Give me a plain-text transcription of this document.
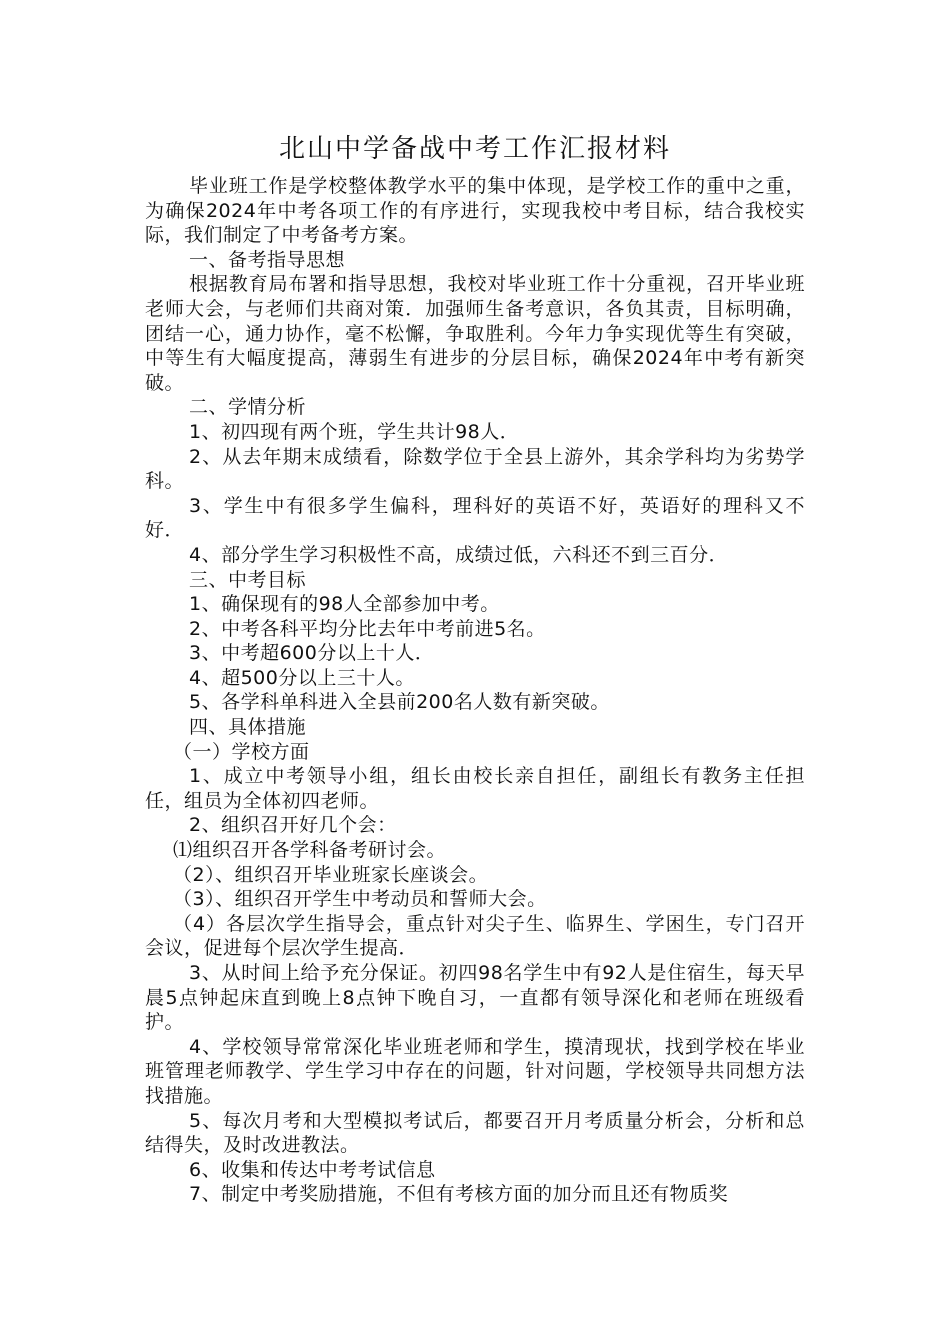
北山中学备战中考工作汇报材料

毕业班工作是学校整体教学水平的集中体现，是学校工作的重中之重，为确保2024年中考各项工作的有序进行，实现我校中考目标，结合我校实际，我们制定了中考备考方案。

一、备考指导思想

根据教育局布署和指导思想，我校对毕业班工作十分重视，召开毕业班老师大会，与老师们共商对策．加强师生备考意识，各负其责，目标明确，团结一心，通力协作，毫不松懈，争取胜利。今年力争实现优等生有突破，中等生有大幅度提高，薄弱生有进步的分层目标，确保2024年中考有新突破。

二、学情分析

1、初四现有两个班，学生共计98人．

2、从去年期末成绩看，除数学位于全县上游外，其余学科均为劣势学科。

3、学生中有很多学生偏科，理科好的英语不好，英语好的理科又不好．

4、部分学生学习积极性不高，成绩过低，六科还不到三百分．

三、中考目标

1、确保现有的98人全部参加中考。

2、中考各科平均分比去年中考前进5名。

3、中考超600分以上十人．

4、超500分以上三十人。

5、各学科单科进入全县前200名人数有新突破。

四、具体措施

（一）学校方面

1、成立中考领导小组，组长由校长亲自担任，副组长有教务主任担任，组员为全体初四老师。

2、组织召开好几个会：

⑴组织召开各学科备考研讨会。

（2）、组织召开毕业班家长座谈会。

（3）、组织召开学生中考动员和誓师大会。

（4）各层次学生指导会，重点针对尖子生、临界生、学困生，专门召开会议，促进每个层次学生提高．

3、从时间上给予充分保证。初四98名学生中有92人是住宿生，每天早晨5点钟起床直到晚上8点钟下晚自习，一直都有领导深化和老师在班级看护。

4、学校领导常常深化毕业班老师和学生，摸清现状，找到学校在毕业班管理老师教学、学生学习中存在的问题，针对问题，学校领导共同想方法找措施。

5、每次月考和大型模拟考试后，都要召开月考质量分析会，分析和总结得失，及时改进教法。

6、收集和传达中考考试信息

7、制定中考奖励措施，不但有考核方面的加分而且还有物质奖
